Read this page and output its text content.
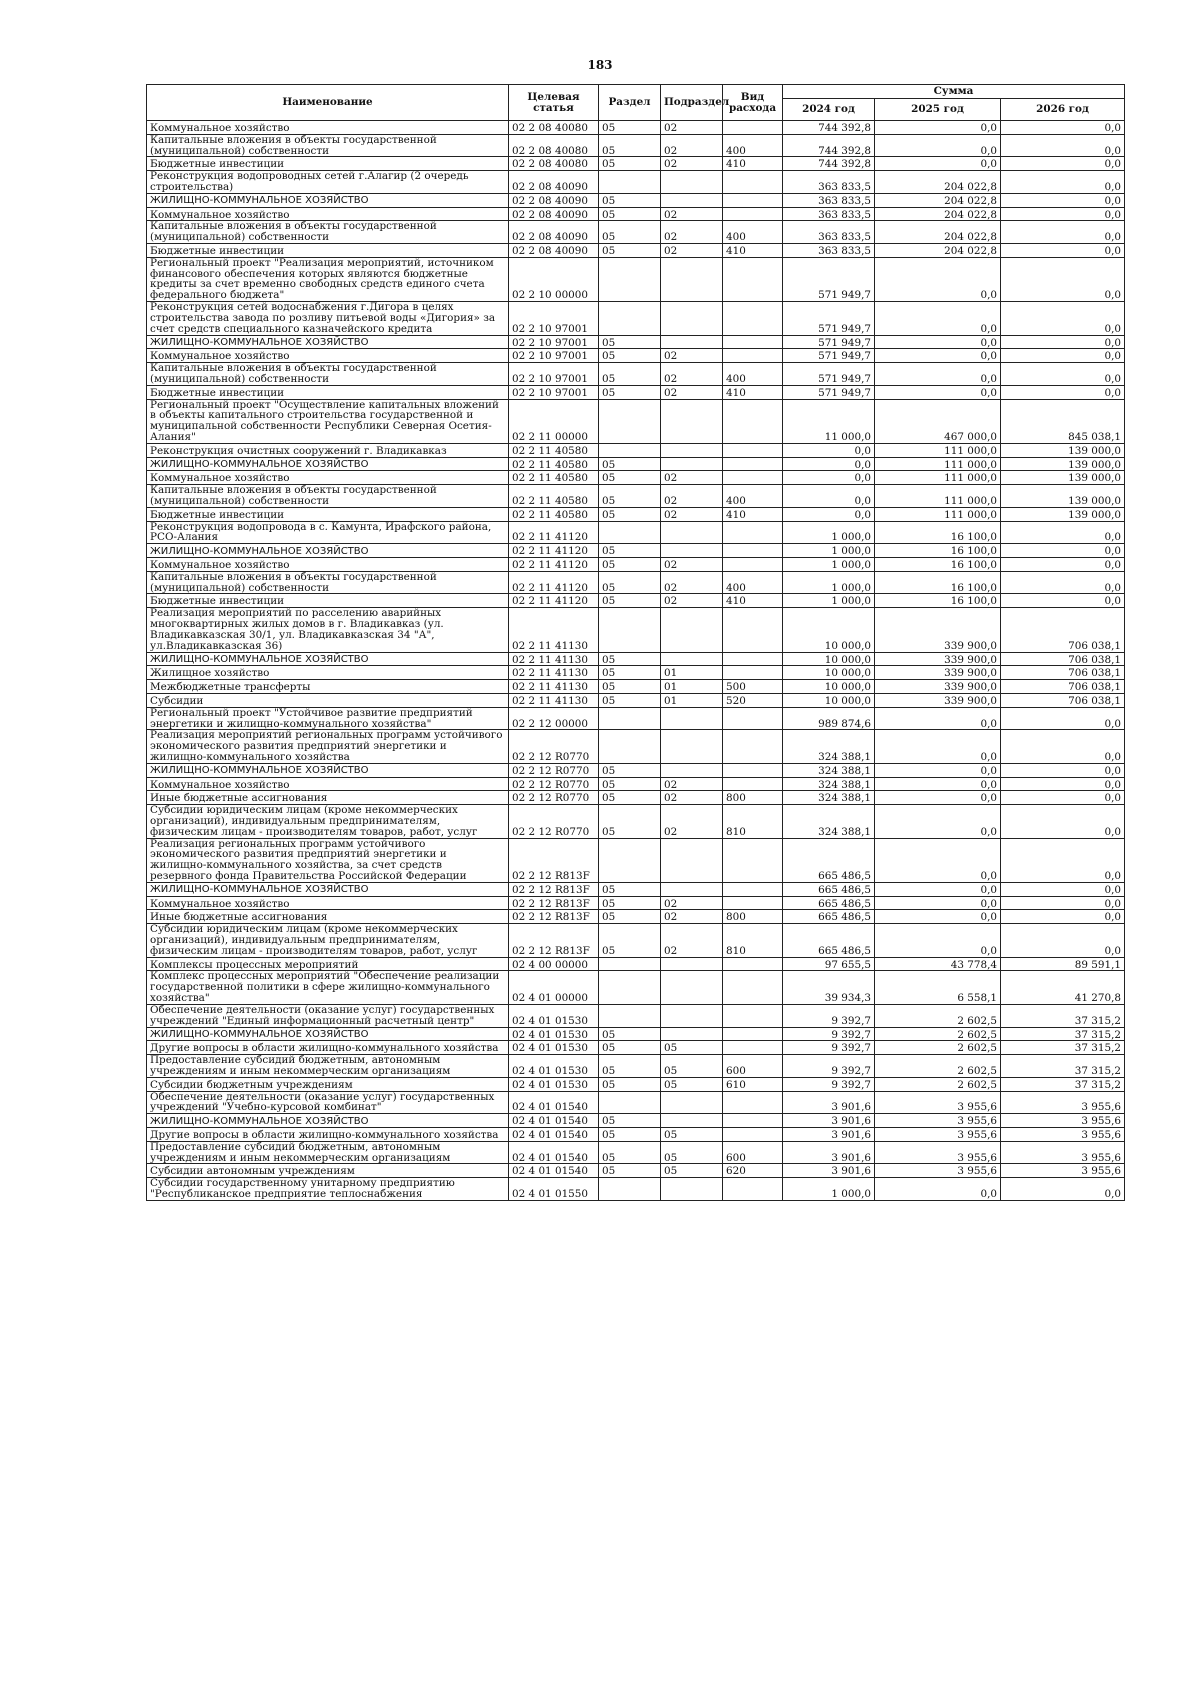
183
Наименование	Целевая статья	Раздел	Подраздел	Вид расхода	Сумма		
					2024 год	2025 год	2026 год
Коммунальное хозяйство	02 2 08 40080	05	02		744 392,8	0,0	0,0
Капитальные вложения в объекты государственной (муниципальной) собственности	02 2 08 40080	05	02	400	744 392,8	0,0	0,0
Бюджетные инвестиции	02 2 08 40080	05	02	410	744 392,8	0,0	0,0
Реконструкция водопроводных сетей г.Алагир (2 очередь строительства)	02 2 08 40090				363 833,5	204 022,8	0,0
ЖИЛИЩНО-КОММУНАЛЬНОЕ ХОЗЯЙСТВО	02 2 08 40090	05			363 833,5	204 022,8	0,0
Коммунальное хозяйство	02 2 08 40090	05	02		363 833,5	204 022,8	0,0
Капитальные вложения в объекты государственной (муниципальной) собственности	02 2 08 40090	05	02	400	363 833,5	204 022,8	0,0
Бюджетные инвестиции	02 2 08 40090	05	02	410	363 833,5	204 022,8	0,0
Региональный проект "Реализация мероприятий, источником финансового обеспечения которых являются бюджетные кредиты за счет временно свободных средств единого счета федерального бюджета"	02 2 10 00000				571 949,7	0,0	0,0
Реконструкция сетей водоснабжения г.Дигора в целях строительства завода по розливу питьевой воды «Дигория» за счет средств специального казначейского кредита	02 2 10 97001				571 949,7	0,0	0,0
ЖИЛИЩНО-КОММУНАЛЬНОЕ ХОЗЯЙСТВО	02 2 10 97001	05			571 949,7	0,0	0,0
Коммунальное хозяйство	02 2 10 97001	05	02		571 949,7	0,0	0,0
Капитальные вложения в объекты государственной (муниципальной) собственности	02 2 10 97001	05	02	400	571 949,7	0,0	0,0
Бюджетные инвестиции	02 2 10 97001	05	02	410	571 949,7	0,0	0,0
Региональный проект "Осуществление капитальных вложений в объекты капитального строительства государственной и муниципальной собственности Республики Северная Осетия-Алания"	02 2 11 00000				11 000,0	467 000,0	845 038,1
Реконструкция очистных сооружений г. Владикавказ	02 2 11 40580				0,0	111 000,0	139 000,0
ЖИЛИЩНО-КОММУНАЛЬНОЕ ХОЗЯЙСТВО	02 2 11 40580	05			0,0	111 000,0	139 000,0
Коммунальное хозяйство	02 2 11 40580	05	02		0,0	111 000,0	139 000,0
Капитальные вложения в объекты государственной (муниципальной) собственности	02 2 11 40580	05	02	400	0,0	111 000,0	139 000,0
Бюджетные инвестиции	02 2 11 40580	05	02	410	0,0	111 000,0	139 000,0
Реконструкция водопровода в с. Камунта, Ирафского района, РСО-Алания	02 2 11 41120				1 000,0	16 100,0	0,0
ЖИЛИЩНО-КОММУНАЛЬНОЕ ХОЗЯЙСТВО	02 2 11 41120	05			1 000,0	16 100,0	0,0
Коммунальное хозяйство	02 2 11 41120	05	02		1 000,0	16 100,0	0,0
Капитальные вложения в объекты государственной (муниципальной) собственности	02 2 11 41120	05	02	400	1 000,0	16 100,0	0,0
Бюджетные инвестиции	02 2 11 41120	05	02	410	1 000,0	16 100,0	0,0
Реализация мероприятий по расселению аварийных многоквартирных жилых домов в г. Владикавказ (ул. Владикавказская 30/1, ул. Владикавказская 34 "А", ул.Владикавказская 36)	02 2 11 41130				10 000,0	339 900,0	706 038,1
ЖИЛИЩНО-КОММУНАЛЬНОЕ ХОЗЯЙСТВО	02 2 11 41130	05			10 000,0	339 900,0	706 038,1
Жилищное хозяйство	02 2 11 41130	05	01		10 000,0	339 900,0	706 038,1
Межбюджетные трансферты	02 2 11 41130	05	01	500	10 000,0	339 900,0	706 038,1
Субсидии	02 2 11 41130	05	01	520	10 000,0	339 900,0	706 038,1
Региональный проект "Устойчивое развитие предприятий энергетики и жилищно-коммунального хозяйства"	02 2 12 00000				989 874,6	0,0	0,0
Реализация мероприятий региональных программ устойчивого экономического развития предприятий энергетики и жилищно-коммунального хозяйства	02 2 12 R0770				324 388,1	0,0	0,0
ЖИЛИЩНО-КОММУНАЛЬНОЕ ХОЗЯЙСТВО	02 2 12 R0770	05			324 388,1	0,0	0,0
Коммунальное хозяйство	02 2 12 R0770	05	02		324 388,1	0,0	0,0
Иные бюджетные ассигнования	02 2 12 R0770	05	02	800	324 388,1	0,0	0,0
Субсидии юридическим лицам (кроме некоммерческих организаций), индивидуальным предпринимателям, физическим лицам - производителям товаров, работ, услуг	02 2 12 R0770	05	02	810	324 388,1	0,0	0,0
Реализация региональных программ устойчивого экономического развития предприятий энергетики и жилищно-коммунального хозяйства, за счет средств резервного фонда Правительства Российской Федерации	02 2 12 R813F				665 486,5	0,0	0,0
ЖИЛИЩНО-КОММУНАЛЬНОЕ ХОЗЯЙСТВО	02 2 12 R813F	05			665 486,5	0,0	0,0
Коммунальное хозяйство	02 2 12 R813F	05	02		665 486,5	0,0	0,0
Иные бюджетные ассигнования	02 2 12 R813F	05	02	800	665 486,5	0,0	0,0
Субсидии юридическим лицам (кроме некоммерческих организаций), индивидуальным предпринимателям, физическим лицам - производителям товаров, работ, услуг	02 2 12 R813F	05	02	810	665 486,5	0,0	0,0
Комплексы процессных мероприятий	02 4 00 00000				97 655,5	43 778,4	89 591,1
Комплекс процессных мероприятий "Обеспечение реализации государственной политики в сфере жилищно-коммунального хозяйства"	02 4 01 00000				39 934,3	6 558,1	41 270,8
Обеспечение деятельности (оказание услуг) государственных учреждений "Единый информационный расчетный центр"	02 4 01 01530				9 392,7	2 602,5	37 315,2
ЖИЛИЩНО-КОММУНАЛЬНОЕ ХОЗЯЙСТВО	02 4 01 01530	05			9 392,7	2 602,5	37 315,2
Другие вопросы в области жилищно-коммунального хозяйства	02 4 01 01530	05	05		9 392,7	2 602,5	37 315,2
Предоставление субсидий бюджетным, автономным учреждениям и иным некоммерческим организациям	02 4 01 01530	05	05	600	9 392,7	2 602,5	37 315,2
Субсидии бюджетным учреждениям	02 4 01 01530	05	05	610	9 392,7	2 602,5	37 315,2
Обеспечение деятельности (оказание услуг) государственных учреждений "Учебно-курсовой комбинат"	02 4 01 01540				3 901,6	3 955,6	3 955,6
ЖИЛИЩНО-КОММУНАЛЬНОЕ ХОЗЯЙСТВО	02 4 01 01540	05			3 901,6	3 955,6	3 955,6
Другие вопросы в области жилищно-коммунального хозяйства	02 4 01 01540	05	05		3 901,6	3 955,6	3 955,6
Предоставление субсидий бюджетным, автономным учреждениям и иным некоммерческим организациям	02 4 01 01540	05	05	600	3 901,6	3 955,6	3 955,6
Субсидии автономным учреждениям	02 4 01 01540	05	05	620	3 901,6	3 955,6	3 955,6
Субсидии государственному унитарному предприятию "Республиканское предприятие теплоснабжения	02 4 01 01550				1 000,0	0,0	0,0
